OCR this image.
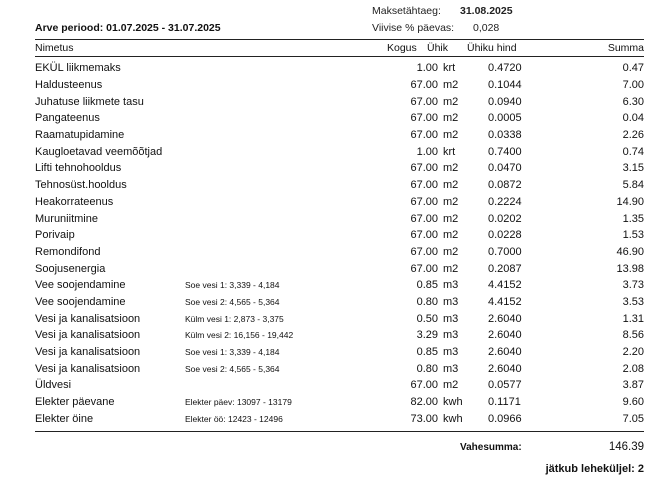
Maksetähtaeg: 31.08.2025
Viivise % päevas: 0,028
Arve periood: 01.07.2025 - 31.07.2025
Nimetus	Kogus Ühik Ühiku hind	Summa
EKÜL liikmemaks		1.00	krt	0.4720	0.47
Haldusteenus		67.00	m2	0.1044	7.00
Juhatuse liikmete tasu		67.00	m2	0.0940	6.30
Pangateenus		67.00	m2	0.0005	0.04
Raamatupidamine		67.00	m2	0.0338	2.26
Kaugloetavad veemõõtjad		1.00	krt	0.7400	0.74
Lifti tehnohooldus		67.00	m2	0.0470	3.15
Tehnosüst.hooldus		67.00	m2	0.0872	5.84
Heakorrateenus		67.00	m2	0.2224	14.90
Muruniitmine		67.00	m2	0.0202	1.35
Porivaip		67.00	m2	0.0228	1.53
Remondifond		67.00	m2	0.7000	46.90
Soojusenergia		67.00	m2	0.2087	13.98
Vee soojendamine	Soe vesi 1: 3,339 - 4,184	0.85	m3	4.4152	3.73
Vee soojendamine	Soe vesi 2: 4,565 - 5,364	0.80	m3	4.4152	3.53
Vesi ja kanalisatsioon	Külm vesi 1: 2,873 - 3,375	0.50	m3	2.6040	1.31
Vesi ja kanalisatsioon	Külm vesi 2: 16,156 - 19,442	3.29	m3	2.6040	8.56
Vesi ja kanalisatsioon	Soe vesi 1: 3,339 - 4,184	0.85	m3	2.6040	2.20
Vesi ja kanalisatsioon	Soe vesi 2: 4,565 - 5,364	0.80	m3	2.6040	2.08
Üldvesi		67.00	m2	0.0577	3.87
Elekter päevane	Elekter päev: 13097 - 13179	82.00	kwh	0.1171	9.60
Elekter öine	Elekter öö: 12423 - 12496	73.00	kwh	0.0966	7.05
Vahesumma:	146.39
jätkub leheküljel: 2
